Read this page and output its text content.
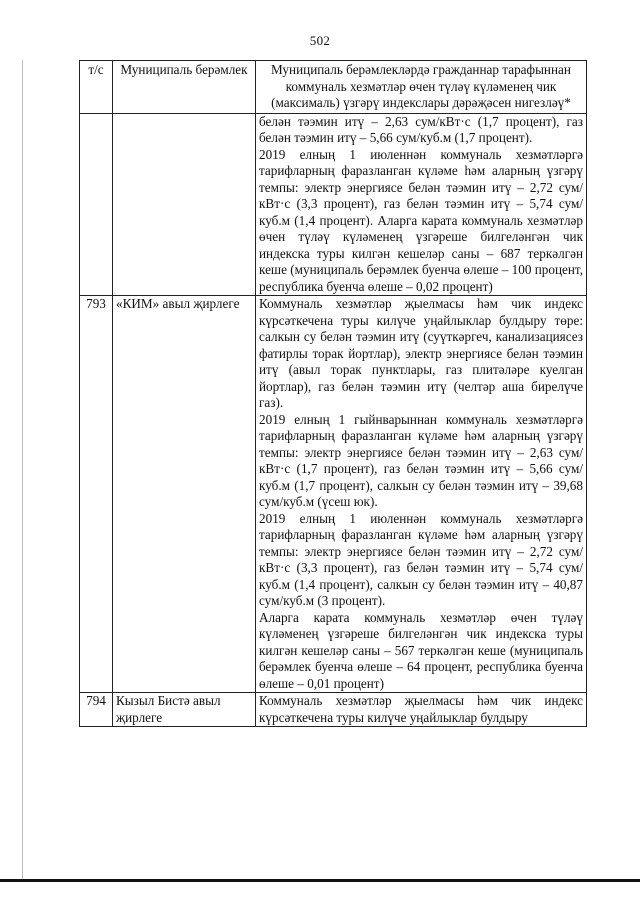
502
т/с	Муниципаль берәмлек	Муниципаль берәмлекләрдә гражданнар тарафыннан коммуналь хезмәтләр өчен түләү күләменең чик (максималь) үзгәрү индекслары дәрәҗәсен нигезләү*

		белән тәэмин итү – 2,63 сум/кВт·с (1,7 процент), газ белән тәэмин итү – 5,66 сум/куб.м (1,7 процент).
2019 елның 1 июленнән коммуналь хезмәтләргә тарифларның фаразланган күләме һәм аларның үзгәрү темпы: электр энергиясе белән тәэмин итү – 2,72 сум/кВт·с (3,3 процент), газ белән тәэмин итү – 5,74 сум/куб.м (1,4 процент). Аларга карата коммуналь хезмәтләр өчен түләү күләменең үзгәреше билгеләнгән чик индекска туры килгән кешеләр саны – 687 теркәлгән кеше (муниципаль берәмлек буенча өлеше – 100 процент, республика буенча өлеше – 0,02 процент)

793	«КИМ» авыл җирлеге	Коммуналь хезмәтләр җыелмасы һәм чик индекс күрсәткечена туры килүче уңайлыклар булдыру төре: салкын су белән тәэмин итү (суүткәргеч, канализациясез фатирлы торак йортлар), электр энергиясе белән тәэмин итү (авыл торак пунктлары, газ плитәләре куелган йортлар), газ белән тәэмин итү (челтәр аша бирелүче газ).
2019 елның 1 гыйнварыннан коммуналь хезмәтләргә тарифларның фаразланган күләме һәм аларның үзгәрү темпы: электр энергиясе белән тәэмин итү – 2,63 сум/кВт·с (1,7 процент), газ белән тәэмин итү – 5,66 сум/куб.м (1,7 процент), салкын су белән тәэмин итү – 39,68 сум/куб.м (үсеш юк).
2019 елның 1 июленнән коммуналь хезмәтләргә тарифларның фаразланган күләме һәм аларның үзгәрү темпы: электр энергиясе белән тәэмин итү – 2,72 сум/кВт·с (3,3 процент), газ белән тәэмин итү – 5,74 сум/куб.м (1,4 процент), салкын су белән тәэмин итү – 40,87 сум/куб.м (3 процент).
Аларга карата коммуналь хезмәтләр өчен түләү күләменең үзгәреше билгеләнгән чик индекска туры килгән кешеләр саны – 567 теркәлгән кеше (муниципаль берәмлек буенча өлеше – 64 процент, республика буенча өлеше – 0,01 процент)

794	Кызыл Бистә авыл җирлеге	Коммуналь хезмәтләр җыелмасы һәм чик индекс күрсәткечена туры килүче уңайлыклар булдыру
